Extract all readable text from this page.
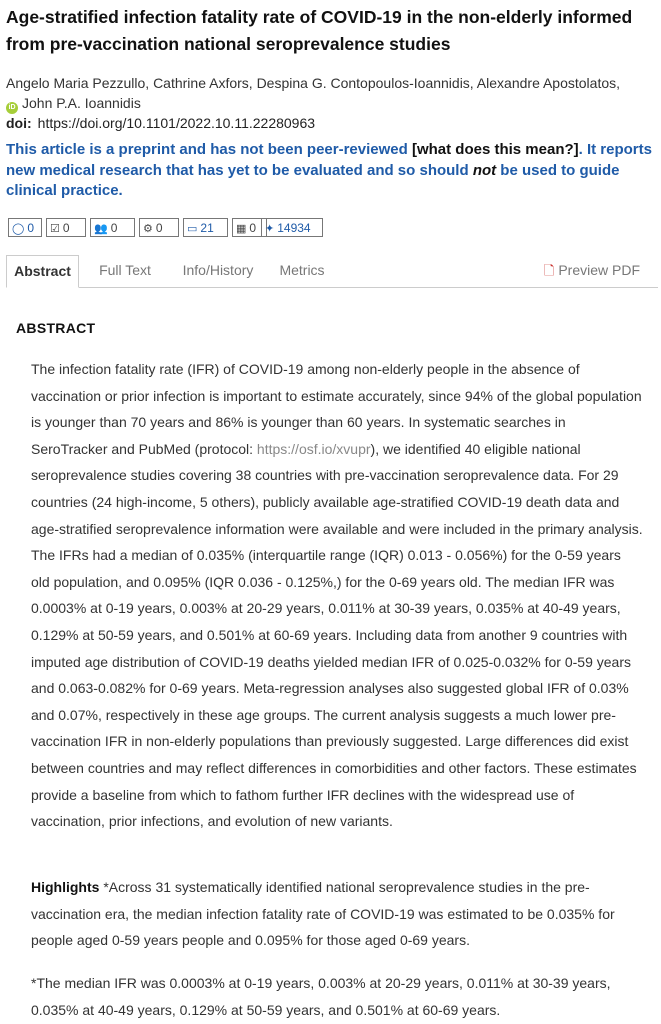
Age-stratified infection fatality rate of COVID-19 in the non-elderly informed from pre-vaccination national seroprevalence studies
Angelo Maria Pezzullo, Cathrine Axfors, Despina G. Contopoulos-Ioannidis, Alexandre Apostolatos,
iD John P.A. Ioannidis
doi: https://doi.org/10.1101/2022.10.11.22280963
This article is a preprint and has not been peer-reviewed [what does this mean?]. It reports new medical research that has yet to be evaluated and so should not be used to guide clinical practice.
◯ 0	☑ 0	👥 0	⚙ 0	▭ 21	▦ 0 ✦ 14934
Abstract	Full Text	Info/History	Metrics	🗋 Preview PDF
ABSTRACT
The infection fatality rate (IFR) of COVID-19 among non-elderly people in the absence of vaccination or prior infection is important to estimate accurately, since 94% of the global population is younger than 70 years and 86% is younger than 60 years. In systematic searches in SeroTracker and PubMed (protocol: https://osf.io/xvupr), we identified 40 eligible national seroprevalence studies covering 38 countries with pre-vaccination seroprevalence data. For 29 countries (24 high-income, 5 others), publicly available age-stratified COVID-19 death data and age-stratified seroprevalence information were available and were included in the primary analysis. The IFRs had a median of 0.035% (interquartile range (IQR) 0.013 - 0.056%) for the 0-59 years old population, and 0.095% (IQR 0.036 - 0.125%,) for the 0-69 years old. The median IFR was 0.0003% at 0-19 years, 0.003% at 20-29 years, 0.011% at 30-39 years, 0.035% at 40-49 years, 0.129% at 50-59 years, and 0.501% at 60-69 years. Including data from another 9 countries with imputed age distribution of COVID-19 deaths yielded median IFR of 0.025-0.032% for 0-59 years and 0.063-0.082% for 0-69 years. Meta-regression analyses also suggested global IFR of 0.03% and 0.07%, respectively in these age groups. The current analysis suggests a much lower pre-vaccination IFR in non-elderly populations than previously suggested. Large differences did exist between countries and may reflect differences in comorbidities and other factors. These estimates provide a baseline from which to fathom further IFR declines with the widespread use of vaccination, prior infections, and evolution of new variants.
Highlights *Across 31 systematically identified national seroprevalence studies in the pre-vaccination era, the median infection fatality rate of COVID-19 was estimated to be 0.035% for people aged 0-59 years people and 0.095% for those aged 0-69 years.
*The median IFR was 0.0003% at 0-19 years, 0.003% at 20-29 years, 0.011% at 30-39 years, 0.035% at 40-49 years, 0.129% at 50-59 years, and 0.501% at 60-69 years.
